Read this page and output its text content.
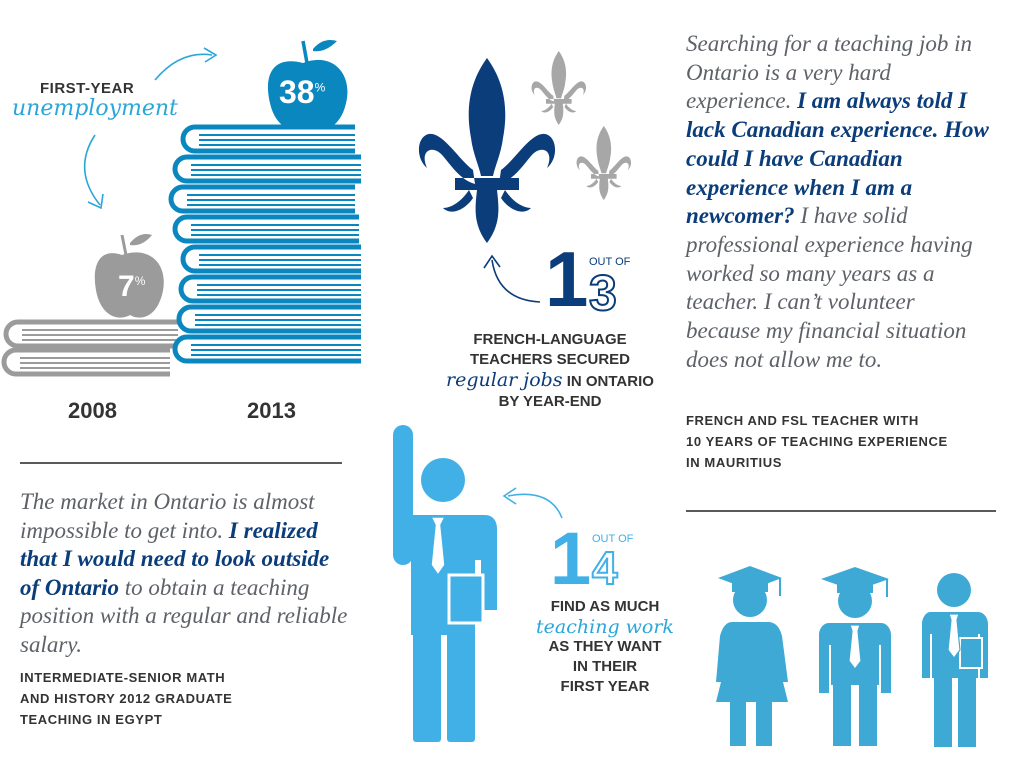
FIRST-YEAR
unemployment
7%
38%
2008	2013
The market in Ontario is almost impossible to get into. I realized that I would need to look outside of Ontario to obtain a teaching position with a regular and reliable salary.
INTERMEDIATE-SENIOR MATH
AND HISTORY 2012 GRADUATE
TEACHING IN EGYPT
1 OUT OF
3
FRENCH-LANGUAGE
TEACHERS SECURED
regular jobs IN ONTARIO
BY YEAR-END
1 OUT OF
4
FIND AS MUCH
teaching work
AS THEY WANT
IN THEIR
FIRST YEAR
Searching for a teaching job in Ontario is a very hard experience. I am always told I lack Canadian experience. How could I have Canadian experience when I am a newcomer? I have solid professional experience having worked so many years as a teacher. I can’t volunteer because my financial situation does not allow me to.
FRENCH AND FSL TEACHER WITH
10 YEARS OF TEACHING EXPERIENCE
IN MAURITIUS
